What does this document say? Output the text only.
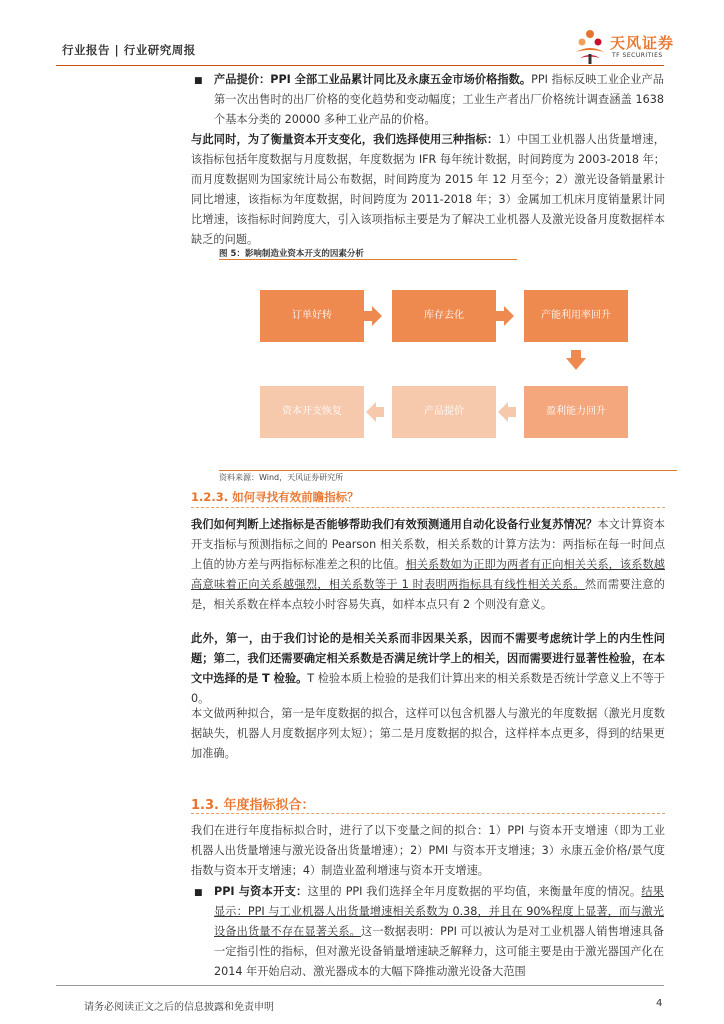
行业报告 | 行业研究周报	天风证券
TF SECURITIES
■ 产品提价：PPI 全部工业品累计同比及永康五金市场价格指数。PPI 指标反映工业企业产品第一次出售时的出厂价格的变化趋势和变动幅度；工业生产者出厂价格统计调查涵盖 1638 个基本分类的 20000 多种工业产品的价格。
与此同时，为了衡量资本开支变化，我们选择使用三种指标：1）中国工业机器人出货量增速，该指标包括年度数据与月度数据，年度数据为 IFR 每年统计数据，时间跨度为 2003-2018 年；而月度数据则为国家统计局公布数据，时间跨度为 2015 年 12 月至今；2）激光设备销量累计同比增速，该指标为年度数据，时间跨度为 2011-2018 年；3）金属加工机床月度销量累计同比增速，该指标时间跨度大，引入该项指标主要是为了解决工业机器人及激光设备月度数据样本缺乏的问题。
图 5：影响制造业资本开支的因素分析
订单好转	库存去化	产能利用率回升
盈利能力回升
产品提价
资本开支恢复
资料来源：Wind，天风证券研究所
1.2.3. 如何寻找有效前瞻指标？
我们如何判断上述指标是否能够帮助我们有效预测通用自动化设备行业复苏情况？本文计算资本开支指标与预测指标之间的 Pearson 相关系数，相关系数的计算方法为：两指标在每一时间点上值的协方差与两指标标准差之积的比值。相关系数如为正即为两者有正向相关关系，该系数越高意味着正向关系越强烈，相关系数等于 1 时表明两指标具有线性相关关系。然而需要注意的是，相关系数在样本点较小时容易失真，如样本点只有 2 个则没有意义。
此外，第一，由于我们讨论的是相关关系而非因果关系，因而不需要考虑统计学上的内生性问题；第二，我们还需要确定相关系数是否满足统计学上的相关，因而需要进行显著性检验，在本文中选择的是 T 检验。T 检验本质上检验的是我们计算出来的相关系数是否统计学意义上不等于 0。
本文做两种拟合，第一是年度数据的拟合，这样可以包含机器人与激光的年度数据（激光月度数据缺失，机器人月度数据序列太短）；第二是月度数据的拟合，这样样本点更多，得到的结果更加准确。
1.3. 年度指标拟合：
我们在进行年度指标拟合时，进行了以下变量之间的拟合：1）PPI 与资本开支增速（即为工业机器人出货量增速与激光设备出货量增速）；2）PMI 与资本开支增速；3）永康五金价格/景气度指数与资本开支增速；4）制造业盈利增速与资本开支增速。
■ PPI 与资本开支：这里的 PPI 我们选择全年月度数据的平均值，来衡量年度的情况。结果显示：PPI 与工业机器人出货量增速相关系数为 0.38，并且在 90%程度上显著，而与激光设备出货量不存在显著关系。这一数据表明：PPI 可以被认为是对工业机器人销售增速具备一定指引性的指标，但对激光设备销量增速缺乏解释力，这可能主要是由于激光器国产化在 2014 年开始启动、激光器成本的大幅下降推动激光设备大范围
请务必阅读正文之后的信息披露和免责申明	4
